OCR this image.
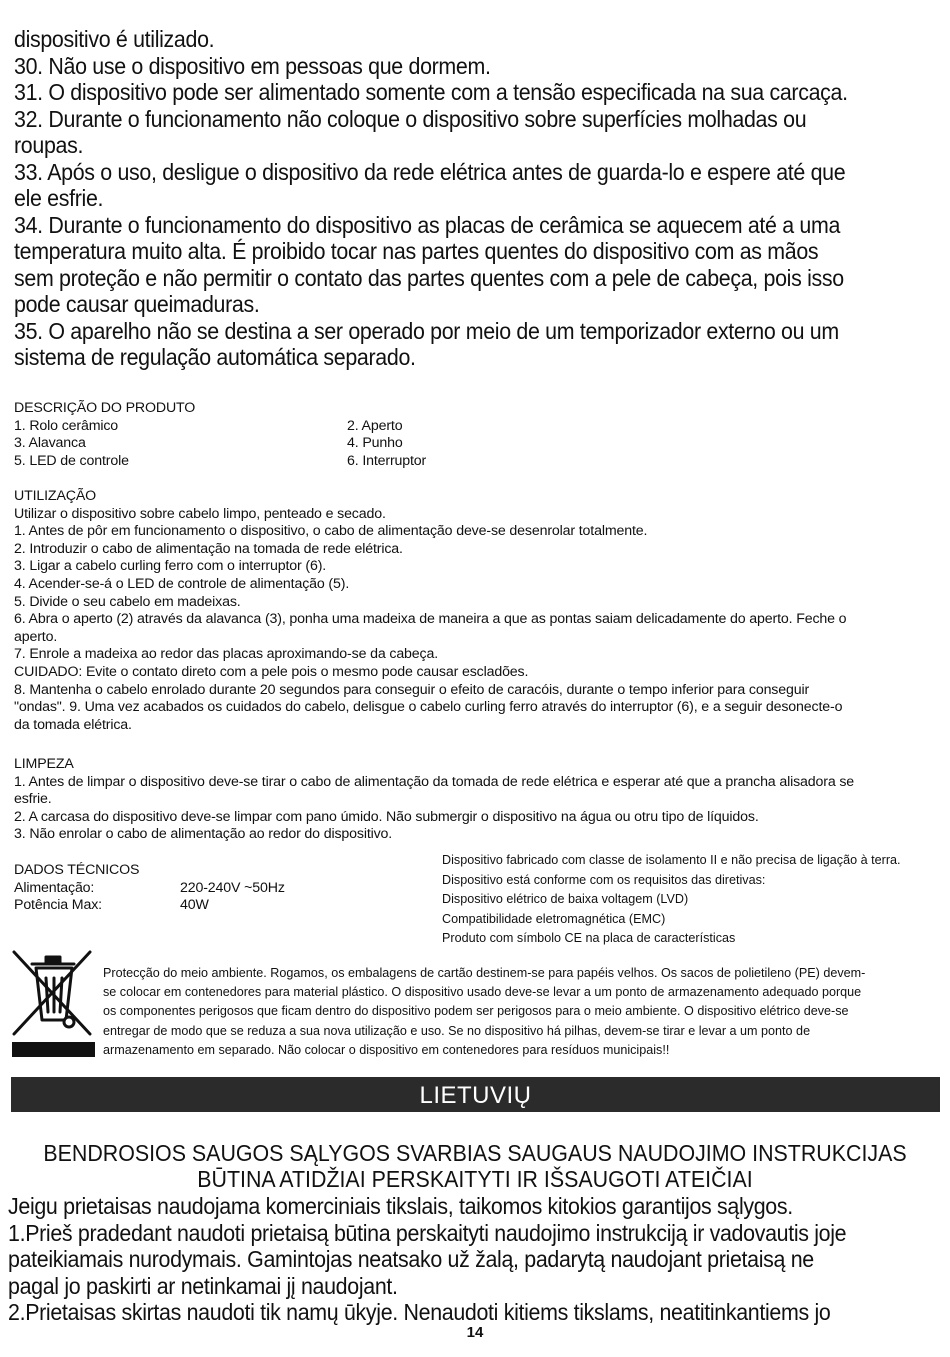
dispositivo é utilizado.

30. Não use o dispositivo em pessoas que dormem.

31. O dispositivo pode ser alimentado somente com a tensão especificada na sua carcaça.

32. Durante o funcionamento não coloque o dispositivo sobre superfícies molhadas ou

roupas.

33. Após o uso, desligue o dispositivo da rede elétrica antes de guarda-lo e espere até que

ele esfrie.

34. Durante o funcionamento do dispositivo as placas de cerâmica se aquecem até a uma

temperatura muito alta. É proibido tocar nas partes quentes do dispositivo com as mãos

sem proteção e não permitir o contato das partes quentes com a pele de cabeça, pois isso

pode causar queimaduras.

35. O aparelho não se destina a ser operado por meio de um temporizador externo ou um

sistema de regulação automática separado.

DESCRIÇÃO DO PRODUTO

1. Rolo cerâmico	2. Aperto
3. Alavanca	4. Punho
5. LED de controle	6. Interruptor

UTILIZAÇÃO

Utilizar o dispositivo sobre cabelo limpo, penteado e secado.

1. Antes de pôr em funcionamento o dispositivo, o cabo de alimentação deve-se desenrolar totalmente.

2. Introduzir o cabo de alimentação na tomada de rede elétrica.

3. Ligar a cabelo curling ferro com o interruptor (6).

4. Acender-se-á o LED de controle de alimentação (5).

5. Divide o seu cabelo em madeixas.

6. Abra o aperto (2) através da alavanca (3), ponha uma madeixa de maneira a que as pontas saiam delicadamente do aperto. Feche o

aperto.

7. Enrole a madeixa ao redor das placas aproximando-se da cabeça.

CUIDADO: Evite o contato direto com a pele pois o mesmo pode causar escladões.

8. Mantenha o cabelo enrolado durante 20 segundos para conseguir o efeito de caracóis, durante o tempo inferior para conseguir

"ondas". 9. Uma vez acabados os cuidados do cabelo, delisgue o cabelo curling ferro através do interruptor (6), e a seguir desonecte-o

da tomada elétrica.

LIMPEZA

1. Antes de limpar o dispositivo deve-se tirar o cabo de alimentação da tomada de rede elétrica e esperar até que a prancha alisadora se

esfrie.

2. A carcasa do dispositivo deve-se limpar com pano úmido. Não submergir o dispositivo na água ou otru tipo de líquidos.

3. Não enrolar o cabo de alimentação ao redor do dispositivo.

DADOS TÉCNICOS

Alimentação:	220-240V ~50Hz
Potência Max:	40W

Dispositivo fabricado com classe de isolamento II e não precisa de ligação à terra.

Dispositivo está conforme com os requisitos das diretivas:

Dispositivo elétrico de baixa voltagem (LVD)

Compatibilidade eletromagnética (EMC)

Produto com símbolo CE na placa de características

Protecção do meio ambiente. Rogamos, os embalagens de cartão destinem-se para papéis velhos. Os sacos de polietileno (PE) devem-

se colocar em contenedores para material plástico. O dispositivo usado deve-se levar a um ponto de armazenamento adequado porque

os componentes perigosos que ficam dentro do dispositivo podem ser perigosos para o meio ambiente. O dispositivo elétrico deve-se

entregar de modo que se reduza a sua nova utilização e uso. Se no dispositivo há pilhas, devem-se tirar e levar a um ponto de

armazenamento em separado. Não colocar o dispositivo em contenedores para resíduos municipais!!

LIETUVIŲ

BENDROSIOS SAUGOS SĄLYGOS SVARBIAS SAUGAUS NAUDOJIMO INSTRUKCIJAS

BŪTINA ATIDŽIAI PERSKAITYTI IR IŠSAUGOTI ATEIČIAI

Jeigu prietaisas naudojama komerciniais tikslais, taikomos kitokios garantijos sąlygos.

1.Prieš pradedant naudoti prietaisą būtina perskaityti naudojimo instrukciją ir vadovautis joje

pateikiamais nurodymais. Gamintojas neatsako už žalą, padarytą naudojant prietaisą ne

pagal jo paskirti ar netinkamai jį naudojant.

2.Prietaisas skirtas naudoti tik namų ūkyje. Nenaudoti kitiems tikslams, neatitinkantiems jo

14
